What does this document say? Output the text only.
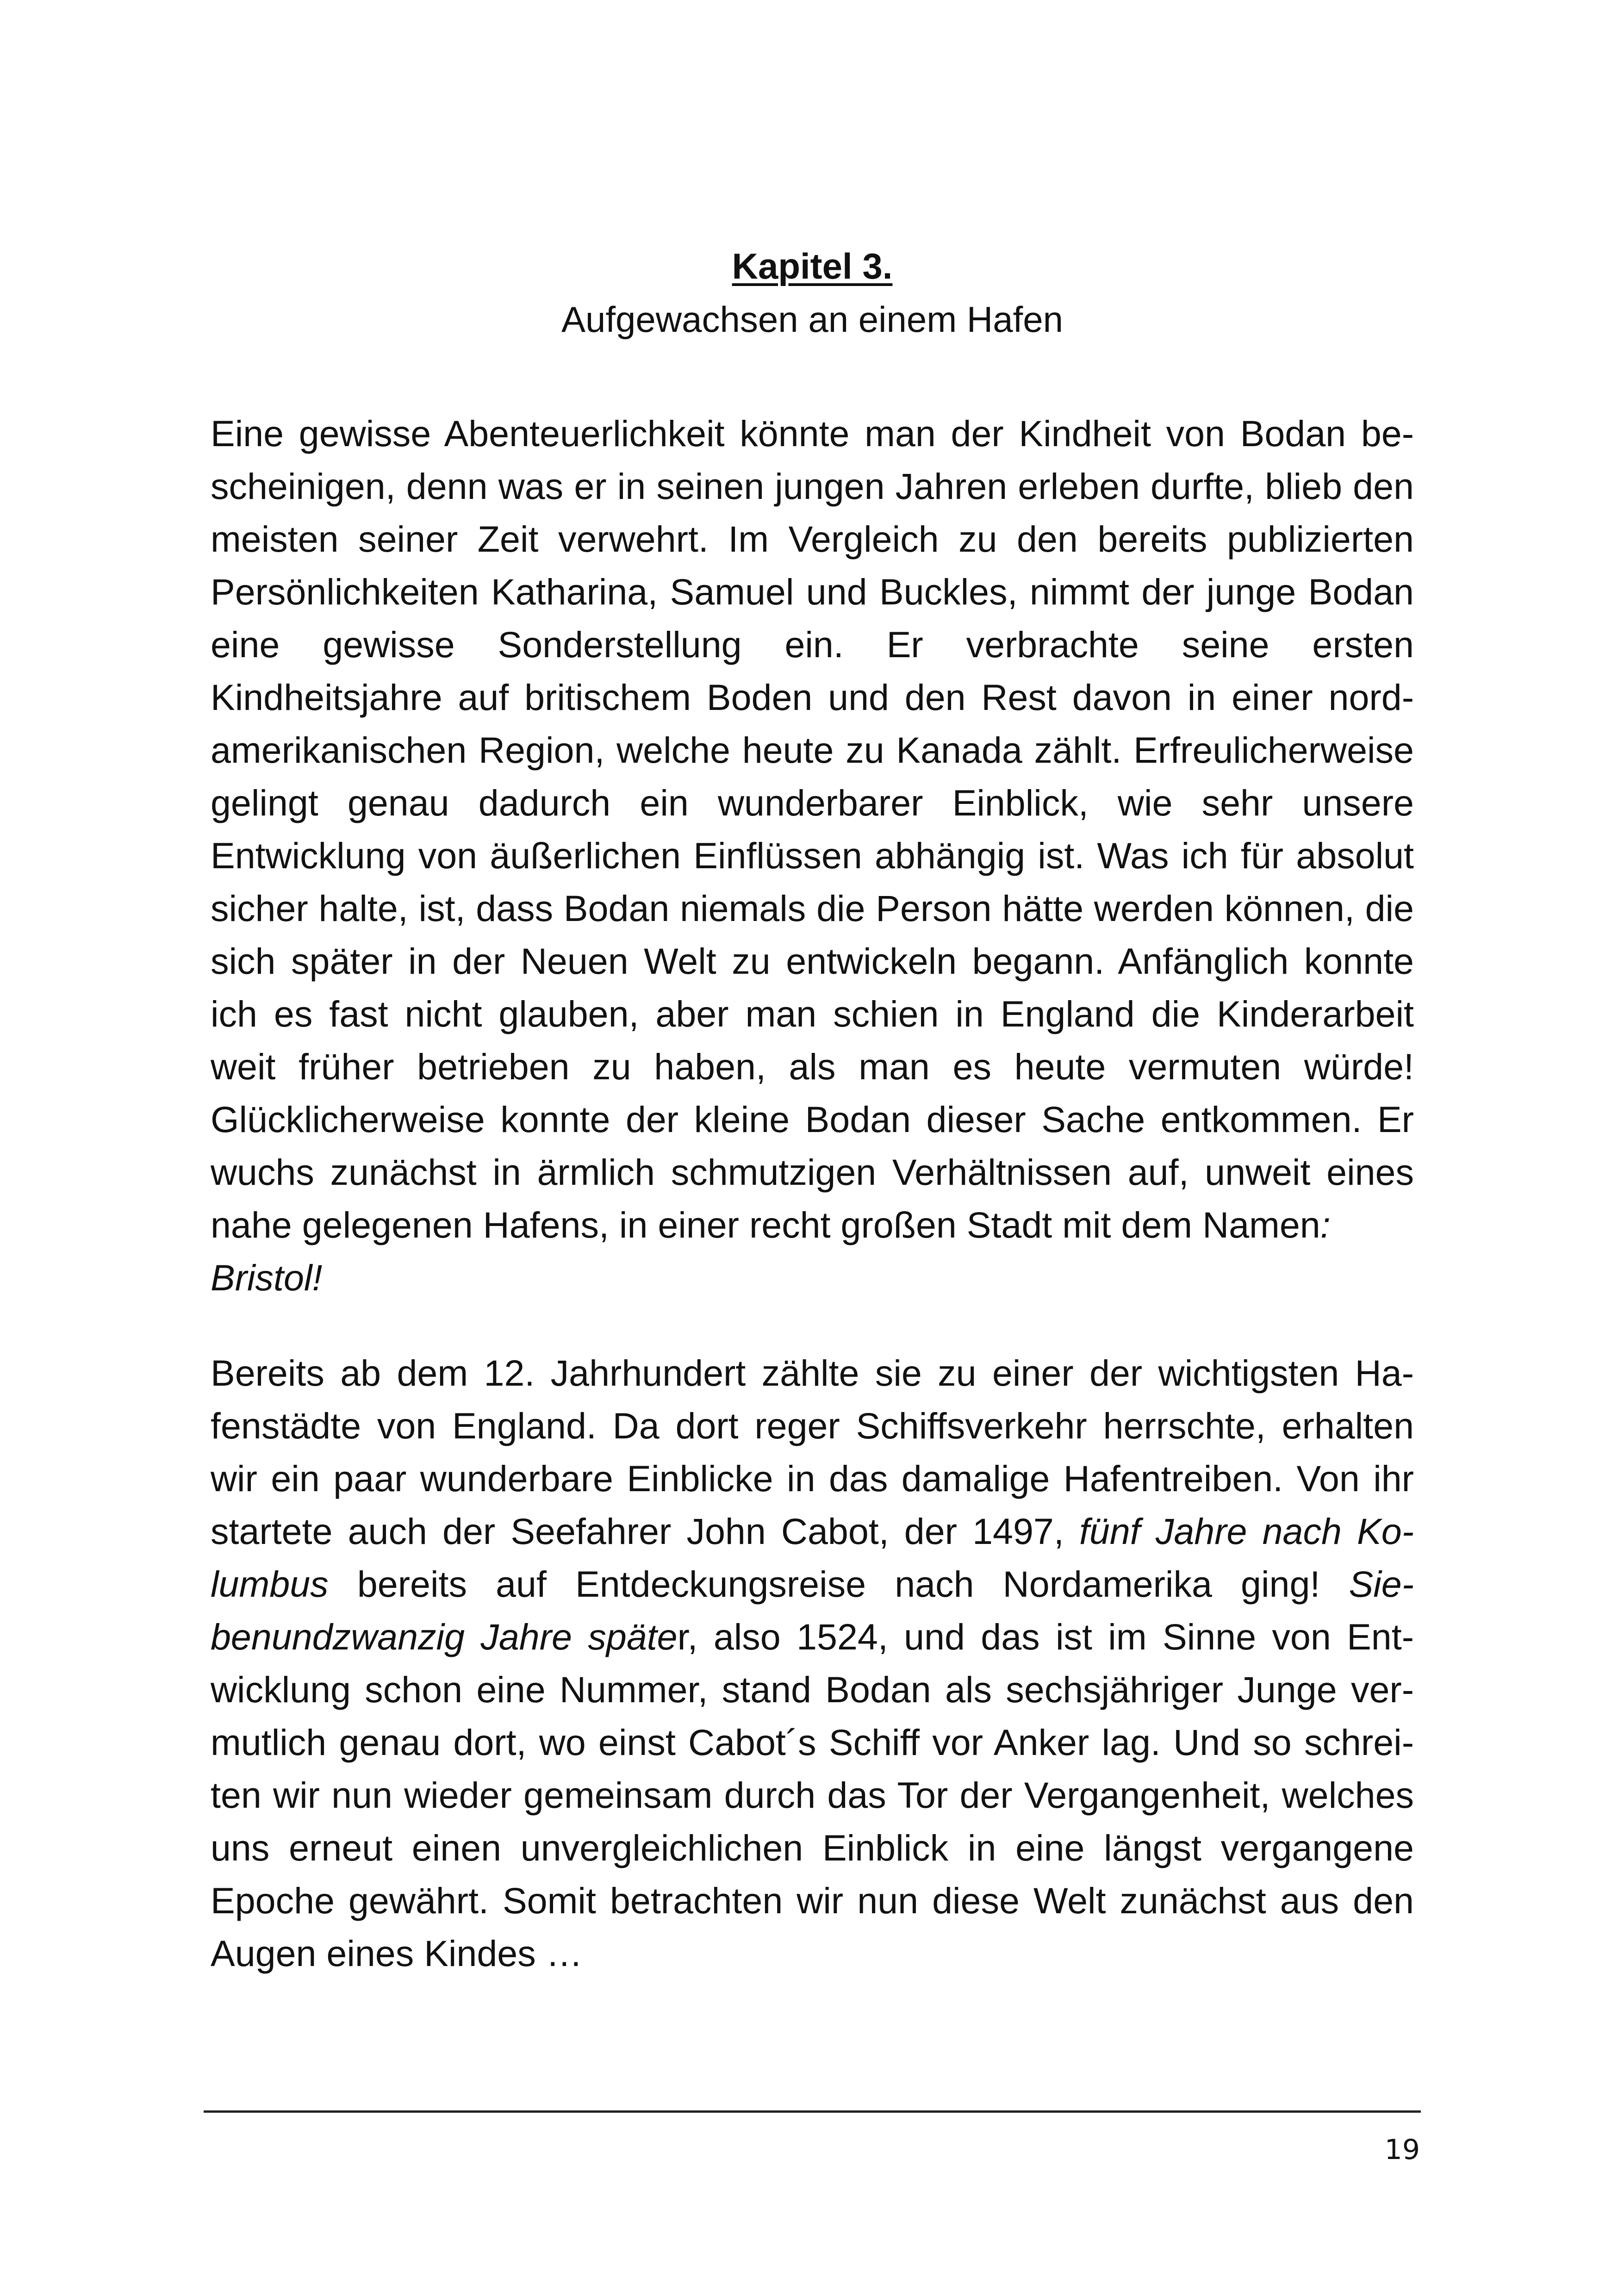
Kapitel 3.
Aufgewachsen an einem Hafen

Eine gewisse Abenteuerlichkeit könnte man der Kindheit von Bodan bescheinigen, denn was er in seinen jungen Jahren erleben durfte, blieb den meisten seiner Zeit verwehrt. Im Vergleich zu den bereits publizierten Persönlichkeiten Katharina, Samuel und Buckles, nimmt der junge Bodan eine gewisse Sonderstellung ein. Er verbrachte seine ersten Kindheitsjahre auf britischem Boden und den Rest davon in einer nordamerikanischen Region, welche heute zu Kanada zählt. Erfreulicherweise gelingt genau dadurch ein wunderbarer Einblick, wie sehr unsere Entwicklung von äußerlichen Einflüssen abhängig ist. Was ich für absolut sicher halte, ist, dass Bodan niemals die Person hätte werden können, die sich später in der Neuen Welt zu entwickeln begann. Anfänglich konnte ich es fast nicht glauben, aber man schien in England die Kinderarbeit weit früher betrieben zu haben, als man es heute vermuten würde! Glücklicherweise konnte der kleine Bodan dieser Sache entkommen. Er wuchs zunächst in ärmlich schmutzigen Verhältnissen auf, unweit eines nahe gelegenen Hafens, in einer recht großen Stadt mit dem Namen:
Bristol!

Bereits ab dem 12. Jahrhundert zählte sie zu einer der wichtigsten Hafenstädte von England. Da dort reger Schiffsverkehr herrschte, erhalten wir ein paar wunderbare Einblicke in das damalige Hafentreiben. Von ihr startete auch der Seefahrer John Cabot, der 1497, fünf Jahre nach Kolumbus bereits auf Entdeckungsreise nach Nordamerika ging! Siebenundzwanzig Jahre später, also 1524, und das ist im Sinne von Entwicklung schon eine Nummer, stand Bodan als sechsjähriger Junge vermutlich genau dort, wo einst Cabot´s Schiff vor Anker lag. Und so schreiten wir nun wieder gemeinsam durch das Tor der Vergangenheit, welches uns erneut einen unvergleichlichen Einblick in eine längst vergangene Epoche gewährt. Somit betrachten wir nun diese Welt zunächst aus den Augen eines Kindes …

19
